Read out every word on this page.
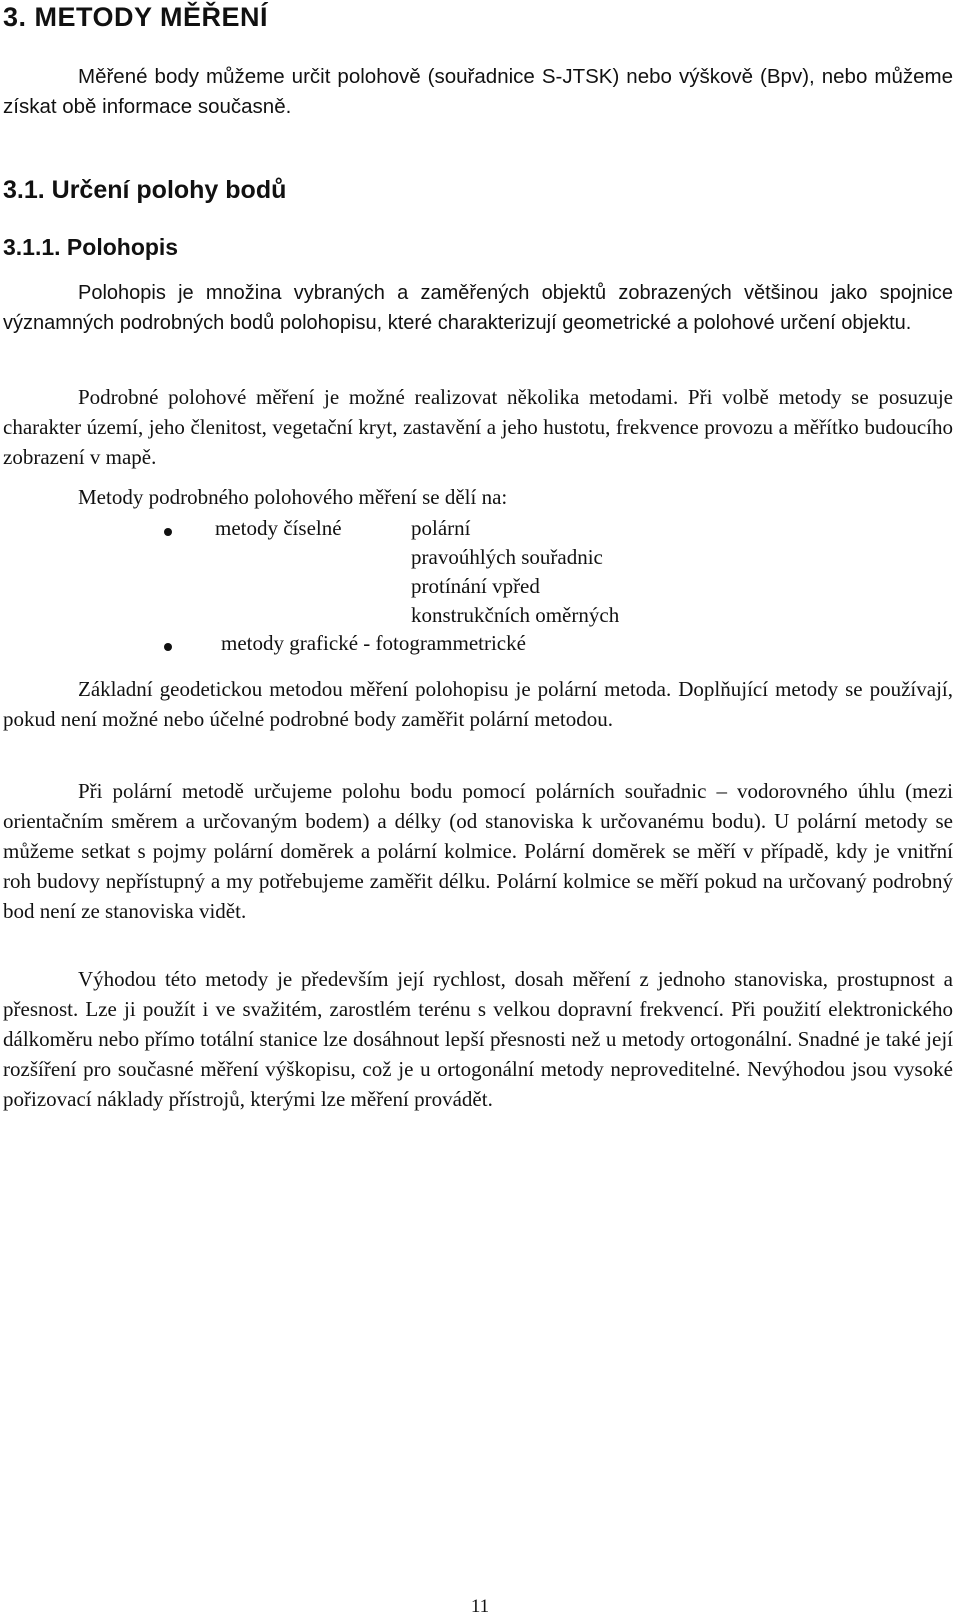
3. METODY MĚŘENÍ

Měřené body můžeme určit polohově (souřadnice S-JTSK) nebo výškově (Bpv), nebo můžeme získat obě informace současně.

3.1. Určení polohy bodů
3.1.1. Polohopis

Polohopis je množina vybraných a zaměřených objektů zobrazených většinou jako spojnice významných podrobných bodů polohopisu, které charakterizují geometrické a polohové určení objektu.

Podrobné polohové měření je možné realizovat několika metodami. Při volbě metody se posuzuje charakter území, jeho členitost, vegetační kryt, zastavění a jeho hustotu, frekvence provozu a měřítko budoucího zobrazení v mapě.

Metody podrobného polohového měření se dělí na:

metody číselné	polární
pravoúhlých souřadnic
protínání vpřed
konstrukčních oměrných
metody grafické - fotogrammetrické

Základní geodetickou metodou měření polohopisu je polární metoda. Doplňující metody se používají, pokud není možné nebo účelné podrobné body zaměřit polární metodou.

Při polární metodě určujeme polohu bodu pomocí polárních souřadnic – vodorovného úhlu (mezi orientačním směrem a určovaným bodem) a délky (od stanoviska k určovanému bodu). U polární metody se můžeme setkat s pojmy polární domĕrek a polární kolmice. Polární domĕrek se měří v případě, kdy je vnitřní roh budovy nepřístupný a my potřebujeme zaměřit délku. Polární kolmice se měří pokud na určovaný podrobný bod není ze stanoviska vidět.

Výhodou této metody je především její rychlost, dosah měření z jednoho stanoviska, prostupnost a přesnost. Lze ji použít i ve svažitém, zarostlém terénu s velkou dopravní frekvencí. Při použití elektronického dálkoměru nebo přímo totální stanice lze dosáhnout lepší přesnosti než u metody ortogonální. Snadné je také její rozšíření pro současné měření výškopisu, což je u ortogonální metody neproveditelné. Nevýhodou jsou vysoké pořizovací náklady přístrojů, kterými lze měření provádět.

11
